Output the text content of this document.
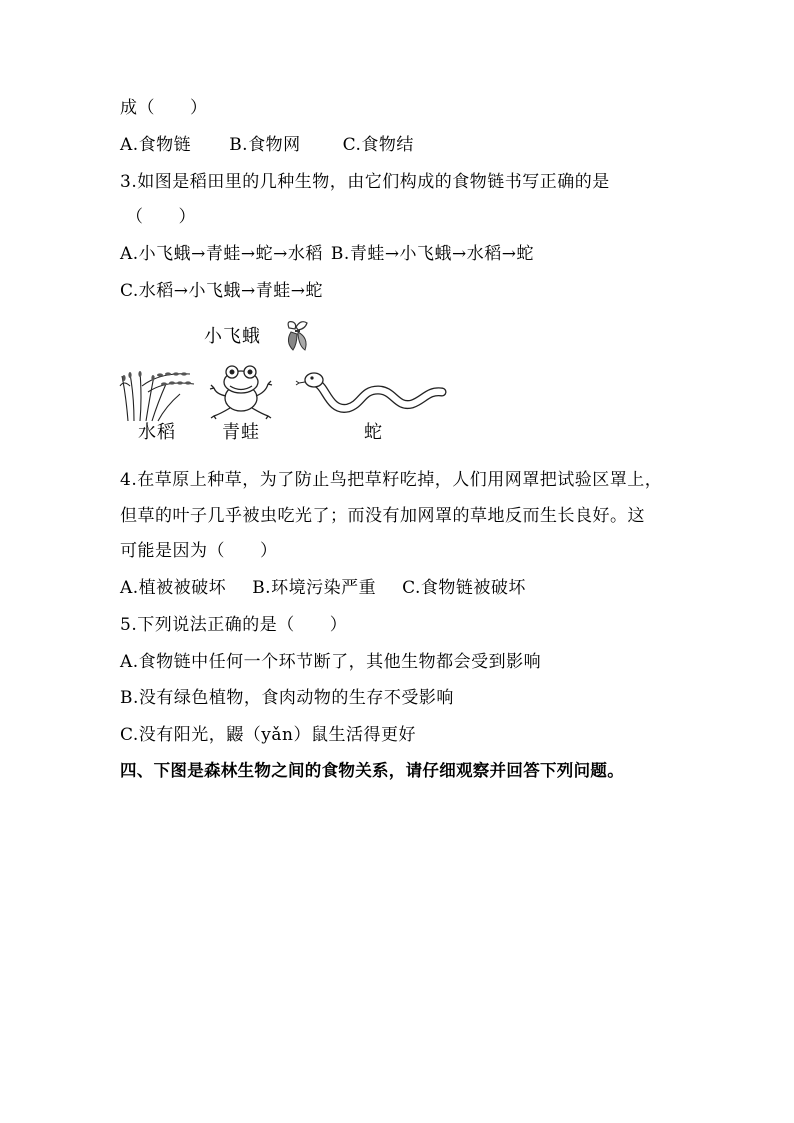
成（　　）
A.食物链 B.食物网 C.食物结
3.如图是稻田里的几种生物，由它们构成的食物链书写正确的是
（　　）
A.小飞蛾→青蛙→蛇→水稻 B.青蛙→小飞蛾→水稻→蛇
C.水稻→小飞蛾→青蛙→蛇
小飞蛾
水稻	青蛙	蛇
4.在草原上种草，为了防止鸟把草籽吃掉，人们用网罩把试验区罩上，
但草的叶子几乎被虫吃光了；而没有加网罩的草地反而生长良好。这
可能是因为（　　）
A.植被被破坏 B.环境污染严重 C.食物链被破坏
5.下列说法正确的是（　　）
A.食物链中任何一个环节断了，其他生物都会受到影响
B.没有绿色植物，食肉动物的生存不受影响
C.没有阳光，鼹（yǎn）鼠生活得更好
四、下图是森林生物之间的食物关系，请仔细观察并回答下列问题。
